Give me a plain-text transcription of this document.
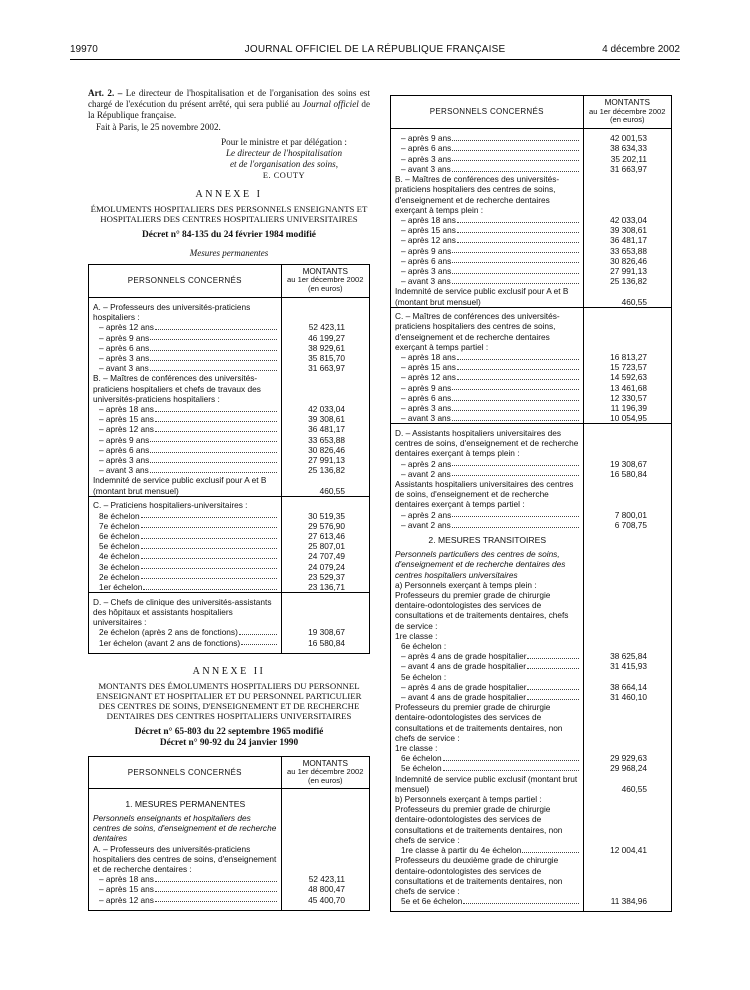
19970	JOURNAL OFFICIEL DE LA RÉPUBLIQUE FRANÇAISE	4 décembre 2002

Art. 2. – Le directeur de l'hospitalisation et de l'organisation des soins est chargé de l'exécution du présent arrêté, qui sera publié au Journal officiel de la République française.

Fait à Paris, le 25 novembre 2002.

Pour le ministre et par délégation :
Le directeur de l'hospitalisation
et de l'organisation des soins,
E. COUTY
ANNEXE I
ÉMOLUMENTS HOSPITALIERS DES PERSONNELS ENSEIGNANTS ET HOSPITALIERS DES CENTRES HOSPITALIERS UNIVERSITAIRES
Décret n° 84-135 du 24 février 1984 modifié
Mesures permanentes
PERSONNELS CONCERNÉS	MONTANTS
au 1er décembre 2002
(en euros)

A. – Professeurs des universités-praticiens hospitaliers :	

– après 12 ans	52 423,11

– après 9 ans	46 199,27

– après 6 ans	38 929,61

– après 3 ans	35 815,70

– avant 3 ans	31 663,97

B. – Maîtres de conférences des universités-praticiens hospitaliers et chefs de travaux des universités-praticiens hospitaliers :	

– après 18 ans	42 033,04

– après 15 ans	39 308,61

– après 12 ans	36 481,17

– après 9 ans	33 653,88

– après 6 ans	30 826,46

– après 3 ans	27 991,13

– avant 3 ans	25 136,82

Indemnité de service public exclusif pour A et B (montant brut mensuel)	460,55

C. – Praticiens hospitaliers-universitaires :	

8e échelon	30 519,35

7e échelon	29 576,90

6e échelon	27 613,46

5e échelon	25 807,01

4e échelon	24 707,49

3e échelon	24 079,24

2e échelon	23 529,37

1er échelon	23 136,71

D. – Chefs de clinique des universités-assistants des hôpitaux et assistants hospitaliers universitaires :	

2e échelon (après 2 ans de fonctions)	19 308,67

1er échelon (avant 2 ans de fonctions)	16 580,84

ANNEXE II
MONTANTS DES ÉMOLUMENTS HOSPITALIERS DU PERSONNEL ENSEIGNANT ET HOSPITALIER ET DU PERSONNEL PARTICULIER DES CENTRES DE SOINS, D'ENSEIGNEMENT ET DE RECHERCHE DENTAIRES DES CENTRES HOSPITALIERS UNIVERSITAIRES
Décret n° 65-803 du 22 septembre 1965 modifié
Décret n° 90-92 du 24 janvier 1990
PERSONNELS CONCERNÉS	MONTANTS
au 1er décembre 2002
(en euros)

1. MESURES PERMANENTES	

Personnels enseignants et hospitaliers des centres de soins, d'enseignement et de recherche dentaires	

A. – Professeurs des universités-praticiens hospitaliers des centres de soins, d'enseignement et de recherche dentaires :	

– après 18 ans	52 423,11

– après 15 ans	48 800,47

– après 12 ans	45 400,70

PERSONNELS CONCERNÉS	MONTANTS
au 1er décembre 2002
(en euros)

– après 9 ans	42 001,53

– après 6 ans	38 634,33

– après 3 ans	35 202,11

– avant 3 ans	31 663,97

B. – Maîtres de conférences des universités-praticiens hospitaliers des centres de soins, d'enseignement et de recherche dentaires exerçant à temps plein :	

– après 18 ans	42 033,04

– après 15 ans	39 308,61

– après 12 ans	36 481,17

– après 9 ans	33 653,88

– après 6 ans	30 826,46

– après 3 ans	27 991,13

– avant 3 ans	25 136,82

Indemnité de service public exclusif pour A et B (montant brut mensuel)	460,55

C. – Maîtres de conférences des universités-praticiens hospitaliers des centres de soins, d'enseignement et de recherche dentaires exerçant à temps partiel :	

– après 18 ans	16 813,27

– après 15 ans	15 723,57

– après 12 ans	14 592,63

– après 9 ans	13 461,68

– après 6 ans	12 330,57

– après 3 ans	11 196,39

– avant 3 ans	10 054,95

D. – Assistants hospitaliers universitaires des centres de soins, d'enseignement et de recherche dentaires exerçant à temps plein :	

– après 2 ans	19 308,67

– avant 2 ans	16 580,84

Assistants hospitaliers universitaires des centres de soins, d'enseignement et de recherche dentaires exerçant à temps partiel :	

– après 2 ans	7 800,01

– avant 2 ans	6 708,75

2. MESURES TRANSITOIRES	

Personnels particuliers des centres de soins, d'enseignement et de recherche dentaires des centres hospitaliers universitaires	

a) Personnels exerçant à temps plein :	

Professeurs du premier grade de chirurgie dentaire-odontologistes des services de consultations et de traitements dentaires, chefs de service :	

1re classe :	

6e échelon :	

– après 4 ans de grade hospitalier	38 625,84

– avant 4 ans de grade hospitalier	31 415,93

5e échelon :	

– après 4 ans de grade hospitalier	38 664,14

– avant 4 ans de grade hospitalier	31 460,10

Professeurs du premier grade de chirurgie dentaire-odontologistes des services de consultations et de traitements dentaires, non chefs de service :	

1re classe :	

6e échelon	29 929,63

5e échelon	29 968,24

Indemnité de service public exclusif (montant brut mensuel)	460,55

b) Personnels exerçant à temps partiel :	

Professeurs du premier grade de chirurgie dentaire-odontologistes des services de consultations et de traitements dentaires, non chefs de service :	

1re classe à partir du 4e échelon	12 004,41

Professeurs du deuxième grade de chirurgie dentaire-odontologistes des services de consultations et de traitements dentaires, non chefs de service :	

5e et 6e échelon	11 384,96
